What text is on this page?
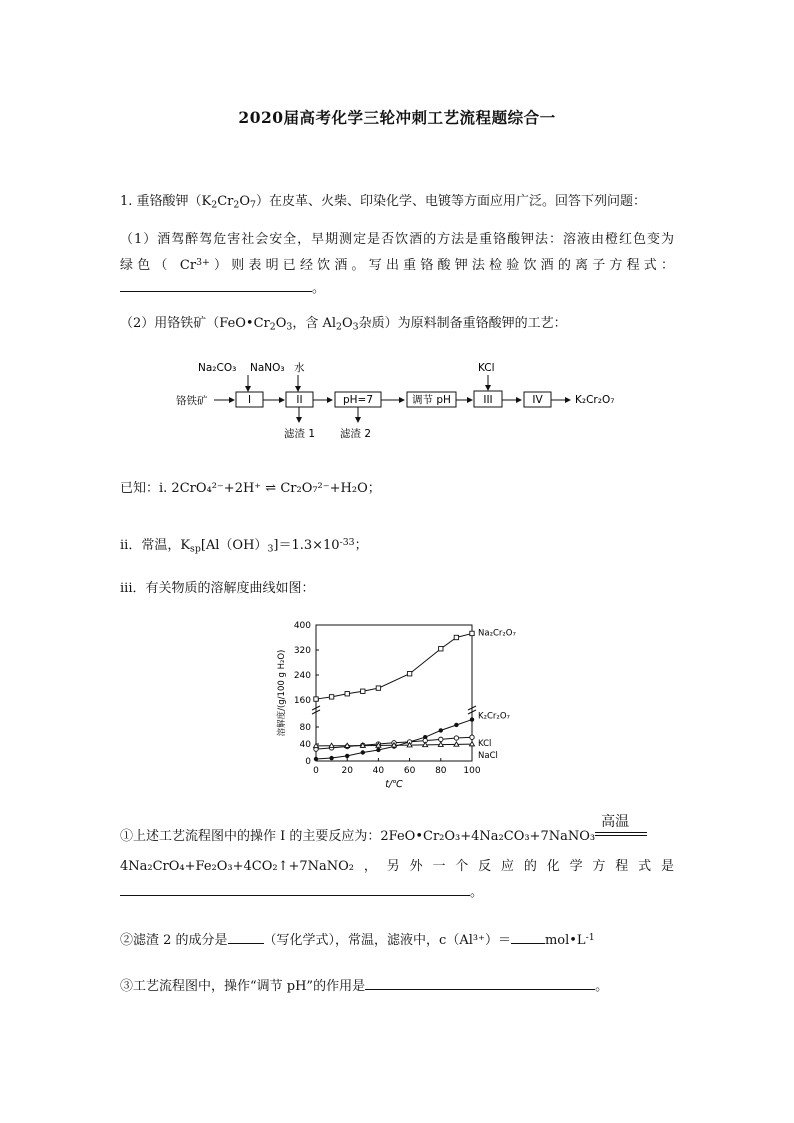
2020届高考化学三轮冲刺工艺流程题综合一
1. 重铬酸钾$(K_2Cr_2O_7)$在皮革、火柴、印染化学、电镀等方面应用广泛。回答下列问题：
（1）酒驾醉驾危害社会安全，早期测定是否饮酒的方法是重铬酸钾法：溶液由橙红色变为
绿色（ $Cr^{3+}$）则表明已经饮酒。写出重铬酸钾法检验饮酒的离子方程式：
。
（2）用铬铁矿（$FeO•Cr_2O_3$，含 $Al_2O_3$杂质）为原料制备重铬酸钾的工艺：
Na₂CO₃ NaNO₃ 水	KCl
铬铁矿	I	II	pH=7	调节 pH	III	IV	K₂Cr₂O₇
滤渣 1 滤渣 2
已知：i. 2CrO₄²⁻+2H⁺ ⇌ Cr₂O₇²⁻+H₂O；
ii．常温，$K_{sp}[Al(OH)_3]=1.3\times 10^{-33}$；
iii．有关物质的溶解度曲线如图：
0
40
80
160
240
320
400
0	20 40 60 80 100
t/℃
溶解度/(g/100 g H₂O)
Na₂Cr₂O₇
K₂Cr₂O₇
KCl
NaCl
①上述工艺流程图中的操作 I 的主要反应为：2FeO•Cr₂O₃+4Na₂CO₃+7NaNO₃
高温
4Na₂CrO₄+Fe₂O₃+4CO₂↑+7NaNO₂，另外一个反应的化学方程式是
。
②滤渣 2 的成分是	（写化学式），常温，滤液中，c（Al³⁺）＝	$mol•L^{-1}$
③工艺流程图中，操作“调节 pH”的作用是	。
